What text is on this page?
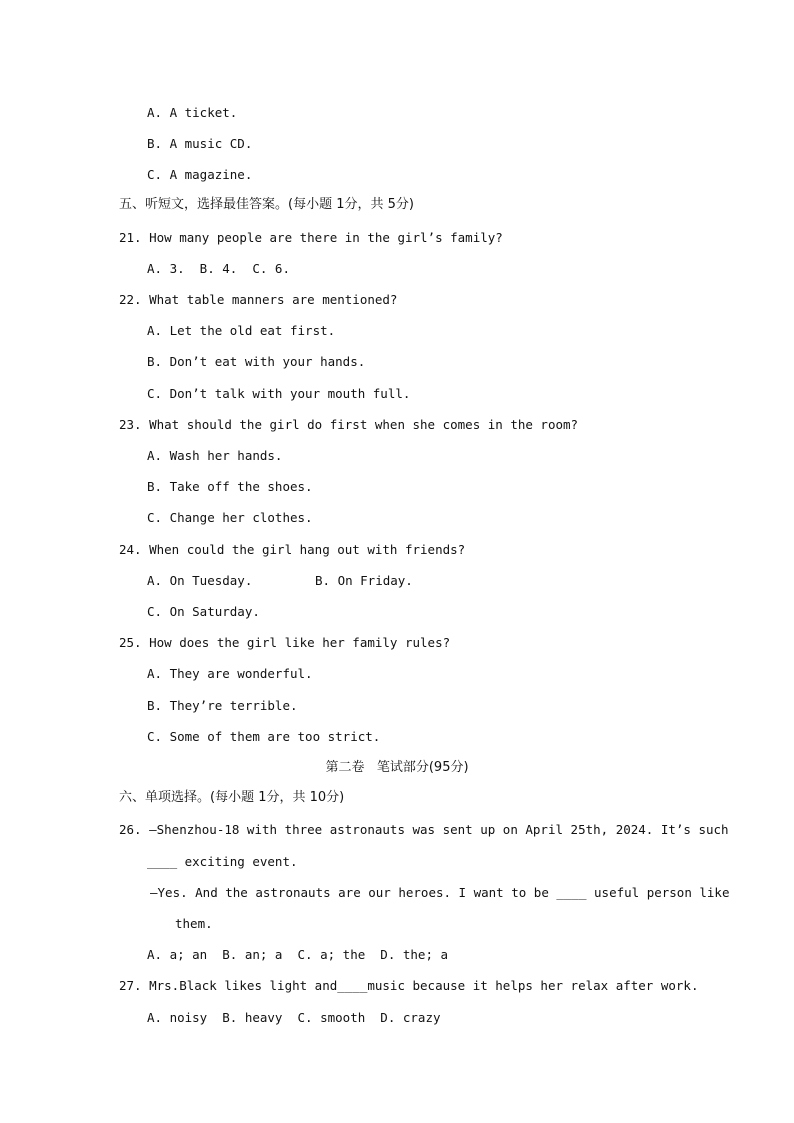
A. A ticket.
B. A music CD.
C. A magazine.
五、听短文，选择最佳答案。(每小题 1分，共 5分)
21. How many people are there in the girl’s family?
A. 3.  B. 4.  C. 6.
22. What table manners are mentioned?
A. Let the old eat first.
B. Don’t eat with your hands.
C. Don’t talk with your mouth full.
23. What should the girl do first when she comes in the room?
A. Wash her hands.
B. Take off the shoes.
C. Change her clothes.
24. When could the girl hang out with friends?
A. On Tuesday.	B. On Friday.
C. On Saturday.
25. How does the girl like her family rules?
A. They are wonderful.
B. They’re terrible.
C. Some of them are too strict.
第二卷   笔试部分(95分)
六、单项选择。(每小题 1分，共 10分)
26. —Shenzhou-18 with three astronauts was sent up on April 25th, 2024. It’s such
____ exciting event.
—Yes. And the astronauts are our heroes. I want to be ____ useful person like
them.
A. a; an  B. an; a  C. a; the  D. the; a
27. Mrs.Black likes light and____music because it helps her relax after work.
A. noisy  B. heavy  C. smooth  D. crazy
